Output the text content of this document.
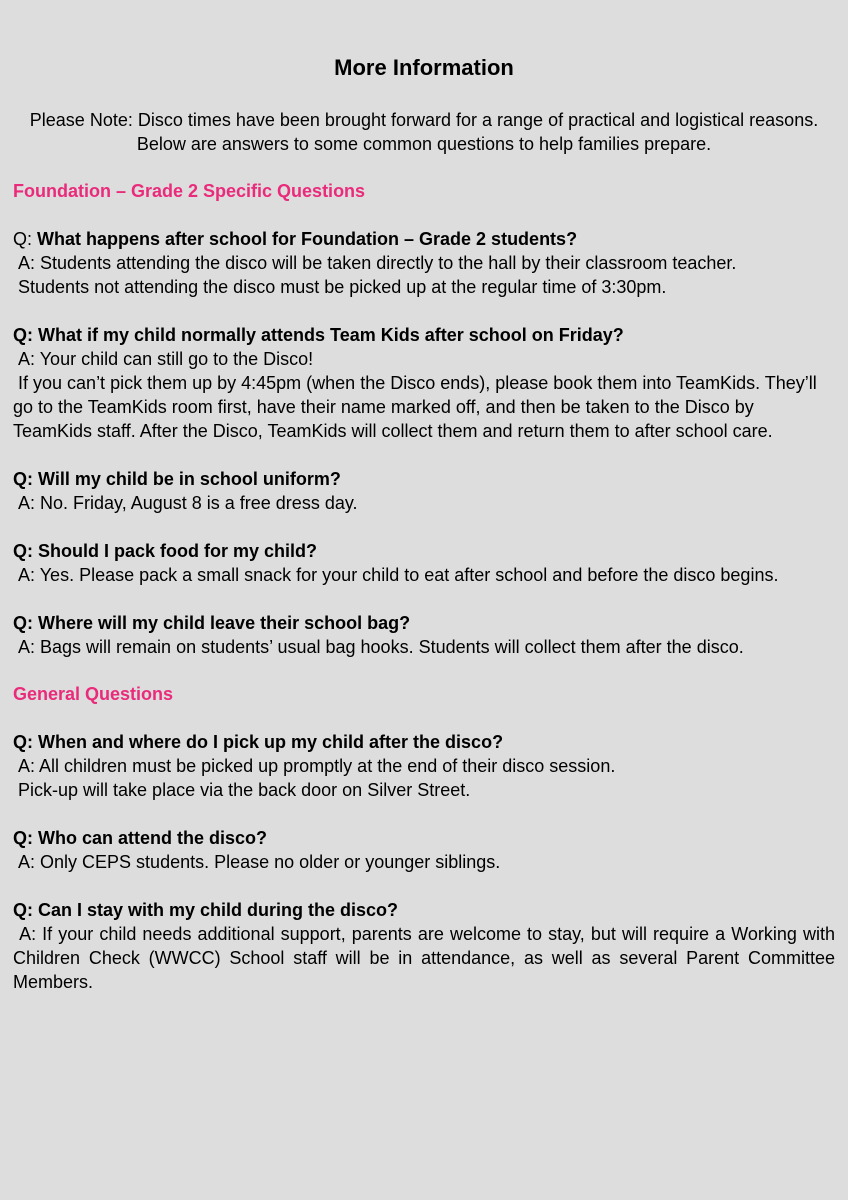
More Information

Please Note: Disco times have been brought forward for a range of practical and logistical reasons. Below are answers to some common questions to help families prepare.

Foundation – Grade 2 Specific Questions

Q: What happens after school for Foundation – Grade 2 students?

A: Students attending the disco will be taken directly to the hall by their classroom teacher.

Students not attending the disco must be picked up at the regular time of 3:30pm.

Q: What if my child normally attends Team Kids after school on Friday?

A: Your child can still go to the Disco!

If you can’t pick them up by 4:45pm (when the Disco ends), please book them into TeamKids. They’ll go to the TeamKids room first, have their name marked off, and then be taken to the Disco by TeamKids staff. After the Disco, TeamKids will collect them and return them to after school care.

Q: Will my child be in school uniform?

A: No. Friday, August 8 is a free dress day.

Q: Should I pack food for my child?

A: Yes. Please pack a small snack for your child to eat after school and before the disco begins.

Q: Where will my child leave their school bag?

A: Bags will remain on students’ usual bag hooks. Students will collect them after the disco.

General Questions

Q: When and where do I pick up my child after the disco?

A: All children must be picked up promptly at the end of their disco session.

Pick-up will take place via the back door on Silver Street.

Q: Who can attend the disco?

A: Only CEPS students. Please no older or younger siblings.

Q: Can I stay with my child during the disco?

A: If your child needs additional support, parents are welcome to stay, but will require a Working with Children Check (WWCC) School staff will be in attendance, as well as several Parent Committee Members.
